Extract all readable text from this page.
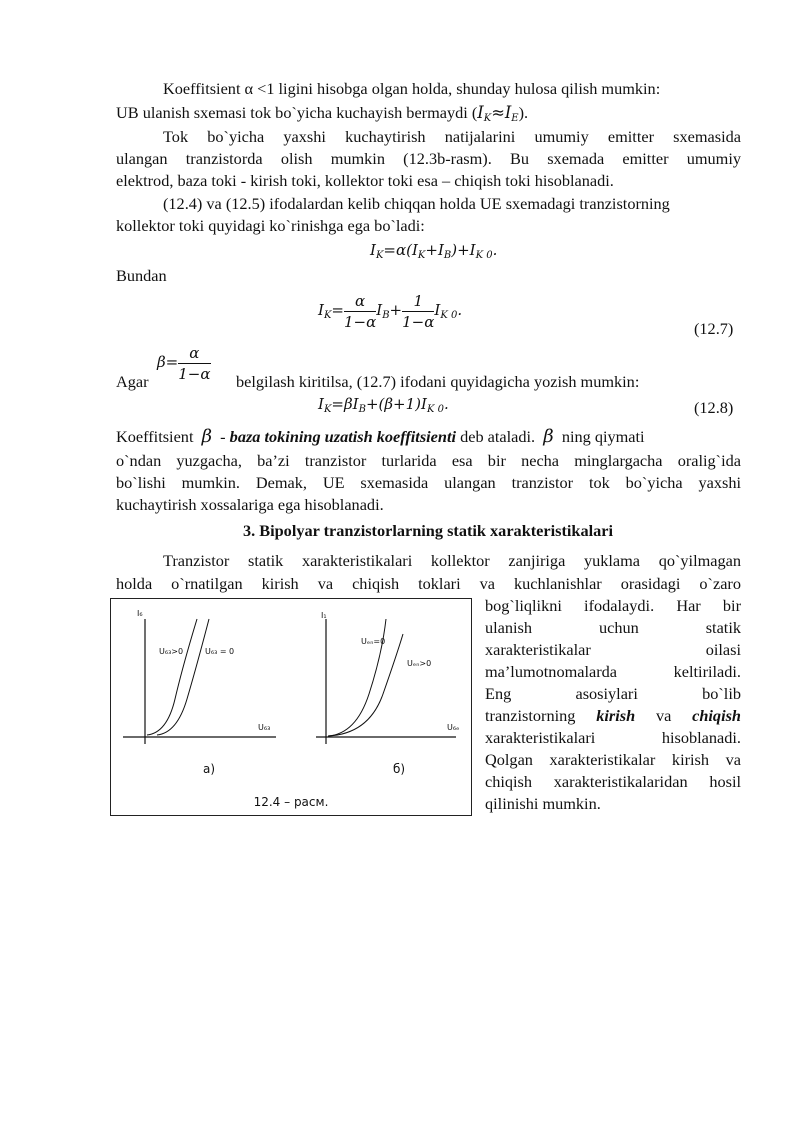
Koeffitsient α <1 ligini hisobga olgan holda, shunday hulosa qilish mumkin:
UB ulanish sxemasi tok bo`yicha kuchayish bermaydi $(I_K\approx I_E)$.
Tok bo`yicha yaxshi kuchaytirish natijalarini umumiy emitter sxemasida
ulangan tranzistorda olish mumkin (12.3b-rasm). Bu sxemada emitter umumiy
elektrod, baza toki - kirish toki, kollektor toki esa – chiqish toki hisoblanadi.
(12.4) va (12.5) ifodalardan kelib chiqqan holda UE sxemadagi tranzistorning
kollektor toki quyidagi ko`rinishga ega bo`ladi:
$I_K=\alpha(I_K+I_B)+I_{K 0}$.
Bundan
$I_K= \frac{\alpha}{1-\alpha} I_B+ \frac{1}{1-\alpha} I_{K 0}$.
(12.7)
$\beta= \frac{\alpha}{1-\alpha}$
Agar	belgilash kiritilsa, (12.7) ifodani quyidagicha yozish mumkin:
$I_K=\beta I_B+(\beta+1)I_{K 0}$.	(12.8)
Koeffitsient β - baza tokining uzatish koeffitsienti deb ataladi. β ning qiymati
o`ndan yuzgacha, ba’zi tranzistor turlarida esa bir necha minglargacha oralig`ida
bo`lishi mumkin. Demak, UE sxemasida ulangan tranzistor tok bo`yicha yaxshi
kuchaytirish xossalariga ega hisoblanadi.
3. Bipolyar tranzistorlarning statik xarakteristikalari
Tranzistor statik xarakteristikalari kollektor zanjiriga yuklama qo`yilmagan
holda o`rnatilgan kirish va chiqish toklari va kuchlanishlar orasidagi o`zaro
bog`liqlikni ifodalaydi. Har bir
ulanish uchun statik
xarakteristikalar oilasi
ma’lumotnomalarda keltiriladi.
Eng asosiylari bo`lib
tranzistorning kirish va chiqish
xarakteristikalari hisoblanadi.
Qolgan xarakteristikalar kirish va
chiqish xarakteristikalaridan hosil
qilinishi mumkin.
I₆
U₆₃
U₆₃>0	U₆₃ = 0
I₁
U₆ₑ
Uₑₙ=0
Uₑₙ>0
а)	б)
12.4 – расм.
